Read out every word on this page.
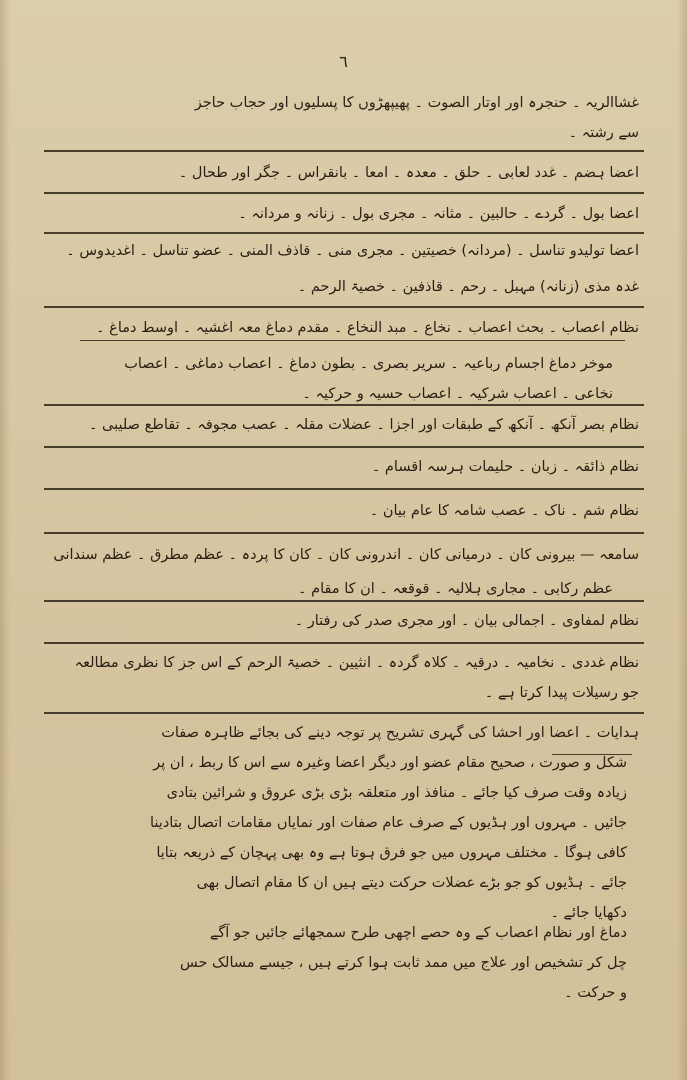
٦
غشاالریہ ۔ حنجرہ اور اوتار الصوت ۔ پھیپھڑوں کا پسلیوں اور حجاب حاجز
سے رشتہ ۔
اعضا ہضم ۔ غدد لعابی ۔ حلق ۔ معدہ ۔ امعا ۔ بانقراس ۔ جگر اور طحال ۔
اعضا بول ۔ گردے ۔ حالبین ۔ مثانہ ۔ مجری بول ۔ زنانہ و مردانہ ۔
اعضا تولیدو تناسل ۔ (مردانہ) خصیتین ۔ مجری منی ۔ قاذف المنی ۔ عضو تناسل ۔ اغدیدوس ۔
غدہ مذی (زنانہ) مہبل ۔ رحم ۔ قاذفین ۔ خصیۃ الرحم ۔
نظام اعصاب ۔ بحث اعصاب ۔ نخاع ۔ مبد النخاع ۔ مقدم دماغ معہ اغشیہ ۔ اوسط دماغ ۔
موخر دماغ اجسام رباعیہ ۔ سریر بصری ۔ بطون دماغ ۔ اعصاب دماغی ۔ اعصاب
نخاعی ۔ اعصاب شرکیہ ۔ اعصاب حسیہ و حرکیہ ۔
نظام بصر آنکھ ۔ آنکھ کے طبقات اور اجزا ۔ عضلات مقلہ ۔ عصب مجوفہ ۔ تقاطع صلیبی ۔
نظام ذائقہ ۔ زبان ۔ حلیمات ہرسہ اقسام ۔
نظام شم ۔ ناک ۔ عصب شامہ کا عام بیان ۔
سامعہ — بیرونی کان ۔ درمیانی کان ۔ اندرونی کان ۔ کان کا پردہ ۔ عظم مطرق ۔ عظم سندانی
عظم رکابی ۔ مجاری ہلالیہ ۔ قوقعہ ۔ ان کا مقام ۔
نظام لمفاوی ۔ اجمالی بیان ۔ اور مجری صدر کی رفتار ۔
نظام غددی ۔ نخامیہ ۔ درقیہ ۔ کلاہ گردہ ۔ انثیین ۔ خصیۃ الرحم کے اس جز کا نظری مطالعہ
جو رسیلات پیدا کرتا ہے ۔
ہدایات ۔ اعضا اور احشا کی گہری تشریح پر توجہ دینے کی بجائے ظاہرہ صفات
شکل و صورت ، صحیح مقام عضو اور دیگر اعضا وغیرہ سے اس کا ربط ، ان پر
زیادہ وقت صرف کیا جائے ۔ منافذ اور متعلقہ بڑی بڑی عروق و شرائین بتادی
جائیں ۔ مہروں اور ہڈیوں کے صرف عام صفات اور نمایاں مقامات اتصال بتادینا
کافی ہوگا ۔ مختلف مہروں میں جو فرق ہوتا ہے وہ بھی پہچان کے ذریعہ بتایا
جائے ۔ ہڈیوں کو جو بڑے عضلات حرکت دیتے ہیں ان کا مقام اتصال بھی
دکھایا جائے ۔
دماغ اور نظام اعصاب کے وہ حصے اچھی طرح سمجھائے جائیں جو آگے
چل کر تشخیص اور علاج میں ممد ثابت ہوا کرتے ہیں ، جیسے مسالک حس
و حرکت ۔
